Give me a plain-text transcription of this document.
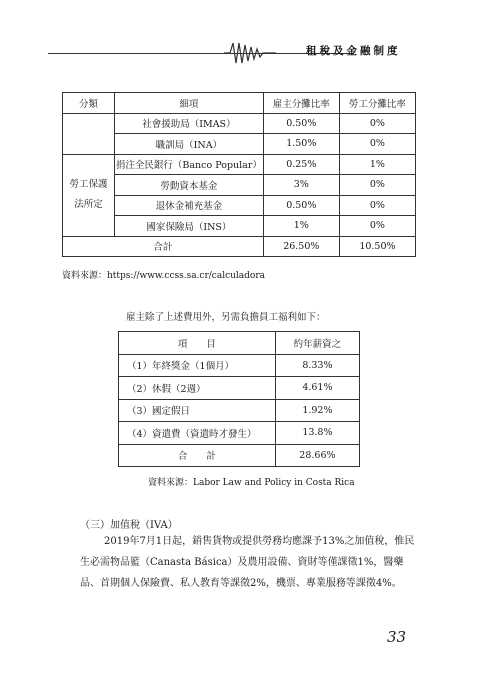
租稅及金融制度
分類	細項	雇主分攤比率	勞工分攤比率
	社會援助局（IMAS）	0.50%	0%
	職訓局（INA）	1.50%	0%

勞工保護
法所定	捐注全民銀行（Banco Popular）	0.25%	1%
	勞動資本基金	3%	0%
	退休金補充基金	0.50%	0%
	國家保險局（INS）	1%	0%
合計		26.50%	10.50%
資料來源：https://www.ccss.sa.cr/calculadora
雇主除了上述費用外，另需負擔員工福利如下：
項　　目	約年薪資之
（1）年終獎金（1個月）	8.33%
（2）休假（2週）	4.61%
（3）國定假日	1.92%
（4）資遣費（資遣時才發生）	13.8%
合　　計	28.66%
資料來源：Labor Law and Policy in Costa Rica
（三）加值稅（IVA）
2019年7月1日起，銷售貨物或提供勞務均應課予13%之加值稅，惟民
生必需物品籃（Canasta Básica）及農用設備、資財等僅課徵1%，醫藥
品、首期個人保險費、私人教育等課徵2%，機票、專業服務等課徵4%。
33
